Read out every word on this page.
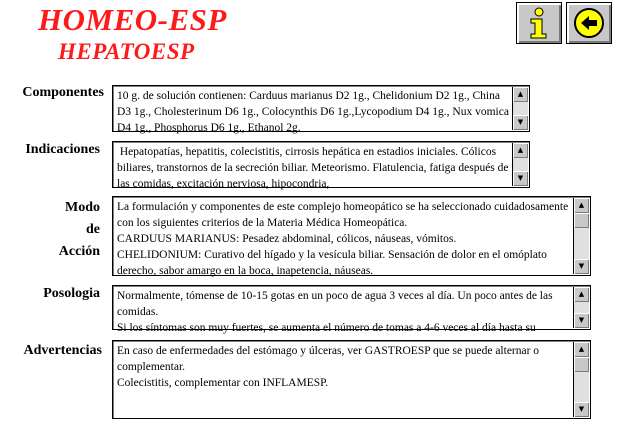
HOMEO-ESP
HEPATOESP
Componentes 10 g. de solución contienen: Carduus marianus D2 1g., Chelidonium D2 1g., China D3 1g., Cholesterinum D6 1g., Colocynthis D6 1g.,Lycopodium D4 1g., Nux vomica D4 1g., Phosphorus D6 1g., Ethanol 2g.
▲
▼
Indicaciones Hepatopatías, hepatitis, colecistitis, cirrosis hepática en estadios iniciales. Cólicos biliares, transtornos de la secreción biliar. Meteorismo. Flatulencia, fatiga después de las comidas, excitación nerviosa, hipocondria,
▲
▼
Modo
de
Acción
La formulación y componentes de este complejo homeopático se ha seleccionado cuidadosamente con los siguientes criterios de la Materia Médica Homeopática.
CARDUUS MARIANUS: Pesadez abdominal, cólicos, náuseas, vómitos.
CHELIDONIUM: Curativo del hígado y la vesícula biliar. Sensación de dolor en el omóplato derecho, sabor amargo en la boca, inapetencia, náuseas.
▲
▼
Posologia Normalmente, tómense de 10-15 gotas en un poco de agua 3 veces al día. Un poco antes de las comidas.
Si los síntomas son muy fuertes, se aumenta el número de tomas a 4-6 veces al día hasta su
▲
▼
Advertencias En caso de enfermedades del estómago y úlceras, ver GASTROESP que se puede alternar o complementar.
Colecistitis, complementar con INFLAMESP.
▲
▼
